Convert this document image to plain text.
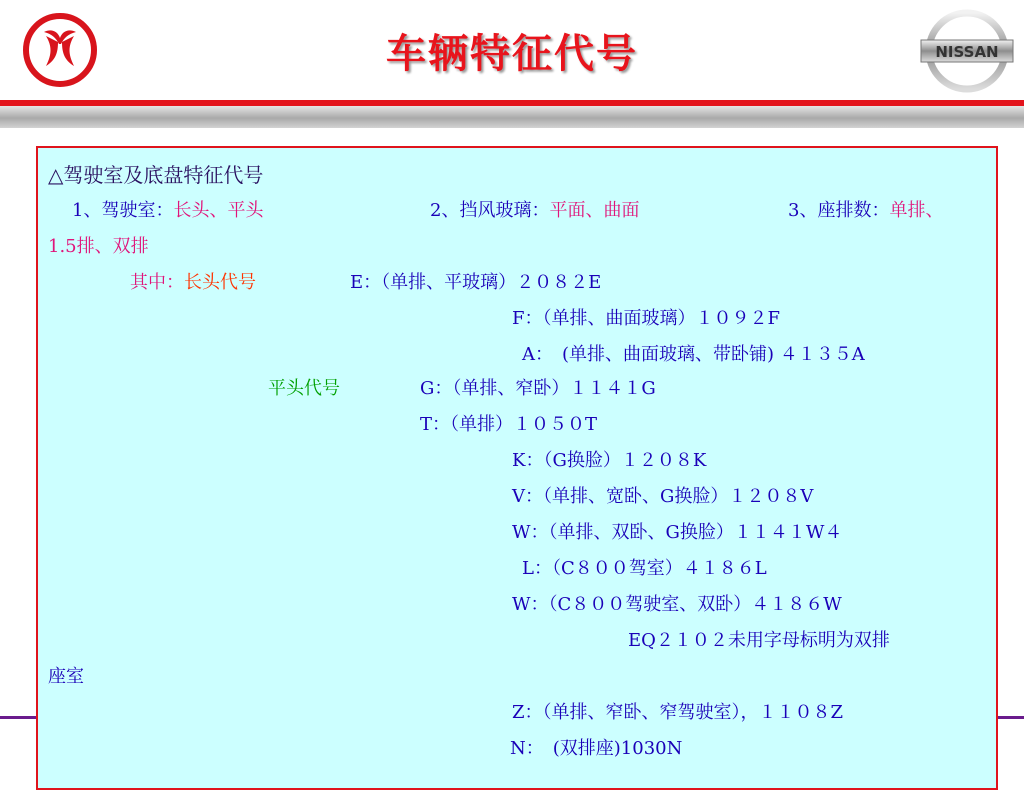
车辆特征代号	NISSAN
△驾驶室及底盘特征代号
1、驾驶室：长头、平头	2、挡风玻璃：平面、曲面	3、座排数：单排、
1.5排、双排
其中：长头代号	E：（单排、平玻璃）２０８２E
F：（单排、曲面玻璃）１０９２F
A：　(单排、曲面玻璃、带卧铺) ４１３５A
平头代号	G：（单排、窄卧）１１４１G
T：（单排）１０５０T
K：（G换脸）１２０８K
V：（单排、宽卧、G换脸）１２０８V
W：（单排、双卧、G换脸）１１４１W４
L：（C８００驾室）４１８６L
W：（C８００驾驶室、双卧）４１８６W
EQ２１０２未用字母标明为双排
座室
Z：（单排、窄卧、窄驾驶室），１１０８Z
N：　(双排座)1030N
